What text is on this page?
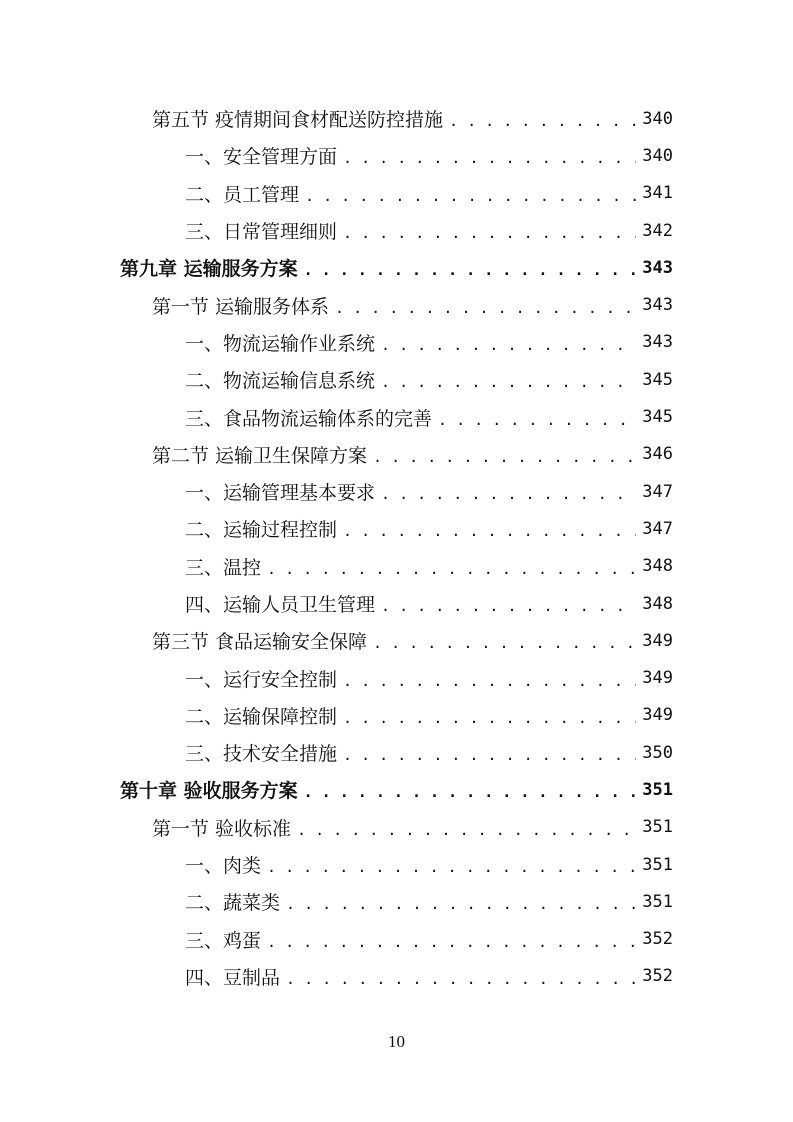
第五节 疫情期间食材配送防控措施 . . .	340
一、安全管理方面 . . .	340
二、员工管理 . . .	341
三、日常管理细则 . . .	342
第九章 运输服务方案 . . .	343
第一节 运输服务体系 . . .	343
一、物流运输作业系统 . . .	343
二、物流运输信息系统 . . .	345
三、食品物流运输体系的完善 . . .	345
第二节 运输卫生保障方案 . . .	346
一、运输管理基本要求 . . .	347
二、运输过程控制 . . .	347
三、温控 . . .	348
四、运输人员卫生管理 . . .	348
第三节 食品运输安全保障 . . .	349
一、运行安全控制 . . .	349
二、运输保障控制 . . .	349
三、技术安全措施 . . .	350
第十章 验收服务方案 . . .	351
第一节 验收标准 . . .	351
一、肉类 . . .	351
二、蔬菜类 . . .	351
三、鸡蛋 . . .	352
四、豆制品 . . .	352
10
